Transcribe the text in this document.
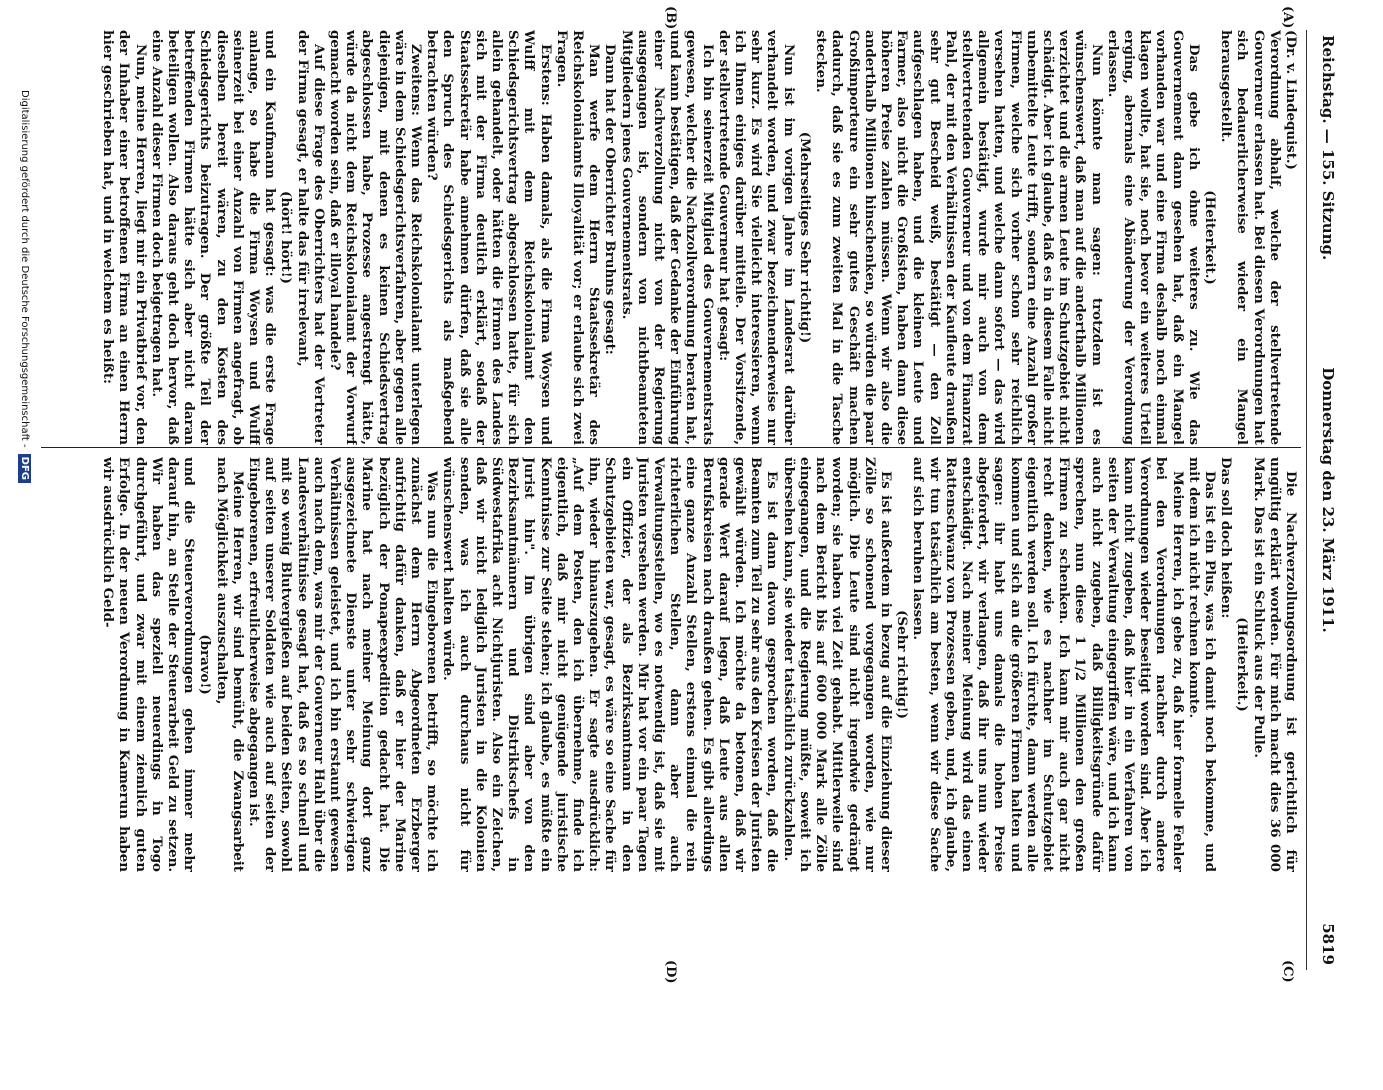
Reichstag. — 155. Sitzung.
Donnerstag den 23. März 1911.
5819

(Dr. v. Lindequist.)

Verordnung abhalf, welche der stellvertretende Gouverneur erlassen hat. Bei diesen Verordnungen hat sich bedauerlicherweise wieder ein Mangel herausgestellt.

(Heiterkeit.)

Das gebe ich ohne weiteres zu. Wie das Gouvernement dann gesehen hat, daß ein Mangel vorhanden war und eine Firma deshalb noch einmal klagen wollte, hat sie, noch bevor ein weiteres Urteil erging, abermals eine Abänderung der Verordnung erlassen.

Nun könnte man sagen: trotzdem ist es wünschenswert, daß man auf die anderthalb Millionen verzichtet und die armen Leute im Schutzgebiet nicht schädigt. Aber ich glaube, daß es in diesem Falle nicht unbemittelte Leute trifft, sondern eine Anzahl großer Firmen, welche sich vorher schon sehr reichlich versehen hatten, und welche dann sofort — das wird allgemein bestätigt, wurde mir auch von dem stellvertretenden Gouverneur und von dem Finanzrat Pahl, der mit den Verhältnissen der Kaufleute draußen sehr gut Bescheid weiß, bestätigt — den Zoll aufgeschlagen haben, und die kleinen Leute und Farmer, also nicht die Großisten, haben dann diese höheren Preise zahlen müssen. Wenn wir also die anderthalb Millionen hinschenken, so würden die paar Großimporteure ein sehr gutes Geschäft machen dadurch, daß sie es zum zweiten Mal in die Tasche stecken.

(Mehrseitiges Sehr richtig!)

Nun ist im vorigen Jahre im Landesrat darüber verhandelt worden, und zwar bezeichnenderweise nur sehr kurz. Es wird Sie vielleicht interessieren, wenn ich Ihnen einiges darüber mitteile. Der Vorsitzende, der stellvertretende Gouverneur hat gesagt:

Ich bin seinerzeit Mitglied des Gouvernementsrats gewesen, welcher die Nachzollverordnung beraten hat, und kann bestätigen, daß der Gedanke der Einführung einer Nachverzollung nicht von der Regierung ausgegangen ist, sondern von nichtbeamteten Mitgliedern jenes Gouvernementsrats.

Dann hat der Oberrichter Bruhns gesagt:

Man werfe dem Herrn Staatssekretär des Reichskolonialamts Illoyalität vor; er erlaube sich zwei Fragen.

Erstens: Haben damals, als die Firma Woysen und Wulff mit dem Reichskolonialamt den Schiedsgerichtsvertrag abgeschlossen hatte, für sich allein gehandelt, oder hätten die Firmen des Landes sich mit der Firma deutlich erklärt, sodaß der Staatssekretär habe annehmen dürfen, daß sie alle den Spruch des Schiedsgerichts als maßgebend betrachten würden?

Zweitens: Wenn das Reichskolonialamt unterlegen wäre in dem Schiedsgerichtsverfahren, aber gegen alle diejenigen, mit denen es keinen Schiedsvertrag abgeschlossen habe, Prozesse angestrengt hätte, würde da nicht dem Reichskolonialamt der Vorwurf gemacht worden sein, daß er illoyal handele?

Auf diese Frage des Oberrichters hat der Vertreter der Firma gesagt, er halte das für irrelevant,

(hört! hört!)

und ein Kaufmann hat gesagt: was die erste Frage anlange, so habe die Firma Woysen und Wulff seinerzeit bei einer Anzahl von Firmen angefragt, ob dieselben bereit wären, zu den Kosten des Schiedsgerichts beizutragen. Der größte Teil der betreffenden Firmen hätte sich aber nicht daran beteiligen wollen. Also daraus geht doch hervor, daß eine Anzahl dieser Firmen doch beigetragen hat.

Nun, meine Herren, liegt mir ein Privatbrief vor, den der Inhaber einer betroffenen Firma an einen Herrn hier geschrieben hat, und in welchem es heißt:

Die Nachverzollungsordnung ist gerichtlich für ungültig erklärt worden. Für mich macht dies 36 000 Mark. Das ist ein Schluck aus der Pulle.

(Heiterkeit.)

Das soll doch heißen:

Das ist ein Plus, was ich damit noch bekomme, und mit dem ich nicht rechnen konnte.

Meine Herren, ich gebe zu, daß hier formelle Fehler bei den Verordnungen nachher durch andere Verordnungen wieder beseitigt worden sind. Aber ich kann nicht zugeben, daß hier in ein Verfahren von seiten der Verwaltung eingegriffen wäre, und ich kann auch nicht zugeben, daß Billigkeitsgründe dafür sprechen, nun diese 1 1/2 Millionen den großen Firmen zu schenken. Ich kann mir auch gar nicht recht denken, wie es nachher im Schutzgebiet eigentlich werden soll. Ich fürchte, dann werden alle kommen und sich an die größeren Firmen halten und sagen: ihr habt uns damals die hohen Preise abgefordert, wir verlangen, daß ihr uns nun wieder entschädigt. Nach meiner Meinung wird das einen Rattenschwanz von Prozessen geben, und, ich glaube, wir tun tatsächlich am besten, wenn wir diese Sache auf sich beruhen lassen.

(Sehr richtig!)

Es ist außerdem in bezug auf die Einziehung dieser Zölle so schonend vorgegangen worden, wie nur möglich. Die Leute sind nicht irgendwie gedrängt worden; sie haben viel Zeit gehabt. Mittlerweile sind nach dem Bericht bis auf 600 000 Mark alle Zölle eingegangen, und die Regierung müßte, soweit ich übersehen kann, sie wieder tatsächlich zurückzahlen.

Es ist dann davon gesprochen worden, daß die Beamten zum Teil zu sehr aus den Kreisen der Juristen gewählt würden. Ich möchte da betonen, daß wir gerade Wert darauf legen, daß Leute aus allen Berufskreisen nach draußen gehen. Es gibt allerdings eine ganze Anzahl Stellen, erstens einmal die rein richterlichen Stellen, dann aber auch Verwaltungsstellen, wo es notwendig ist, daß sie mit Juristen versehen werden. Mir hat vor ein paar Tagen ein Offizier, der als Bezirksamtmann in den Schutzgebieten war, gesagt, es wäre so eine Sache für ihn, wieder hinauszugehen. Er sagte ausdrücklich: „Auf dem Posten, den ich übernehme, finde ich eigentlich, daß mir nicht genügende juristische Kenntnisse zur Seite stehen; ich glaube, es müßte ein Jurist hin". Im übrigen sind aber von den Bezirksamtmännern und Distriktschefs in Südwestafrika acht Nichtjuristen. Also ein Zeichen, daß wir nicht lediglich Juristen in die Kolonien senden, was ich auch durchaus nicht für wünschenswert halten würde.

Was nun die Eingeborenen betrifft, so möchte ich zunächst dem Herrn Abgeordneten Erzberger aufrichtig dafür danken, daß er hier der Marine bezüglich der Ponapeexpedition gedacht hat. Die Marine hat nach meiner Meinung dort ganz ausgezeichnete Dienste unter sehr schwierigen Verhältnissen geleistet, und ich bin erstaunt gewesen auch nach dem, was mir der Gouverneur Hahl über die Landesverhältnisse gesagt hat, daß es so schnell und mit so wenig Blutvergießen auf beiden Seiten, sowohl auf seiten unserer Soldaten wie auch auf seiten der Eingeborenen, erfreulicherweise abgegangen ist.

Meine Herren, wir sind bemüht, die Zwangsarbeit nach Möglichkeit auszuschalten,

(bravo!)

und die Steuerverordnungen gehen immer mehr darauf hin, an Stelle der Steuerarbeit Geld zu setzen. Wir haben das speziell neuerdings in Togo durchgeführt, und zwar mit einem ziemlich guten Erfolge. In der neuen Verordnung in Kamerun haben wir ausdrücklich Geld-

(A)
(B)
(C)
(D)
Digitalisierung gefördert durch die Deutsche Forschungsgemeinschaft -DFG
